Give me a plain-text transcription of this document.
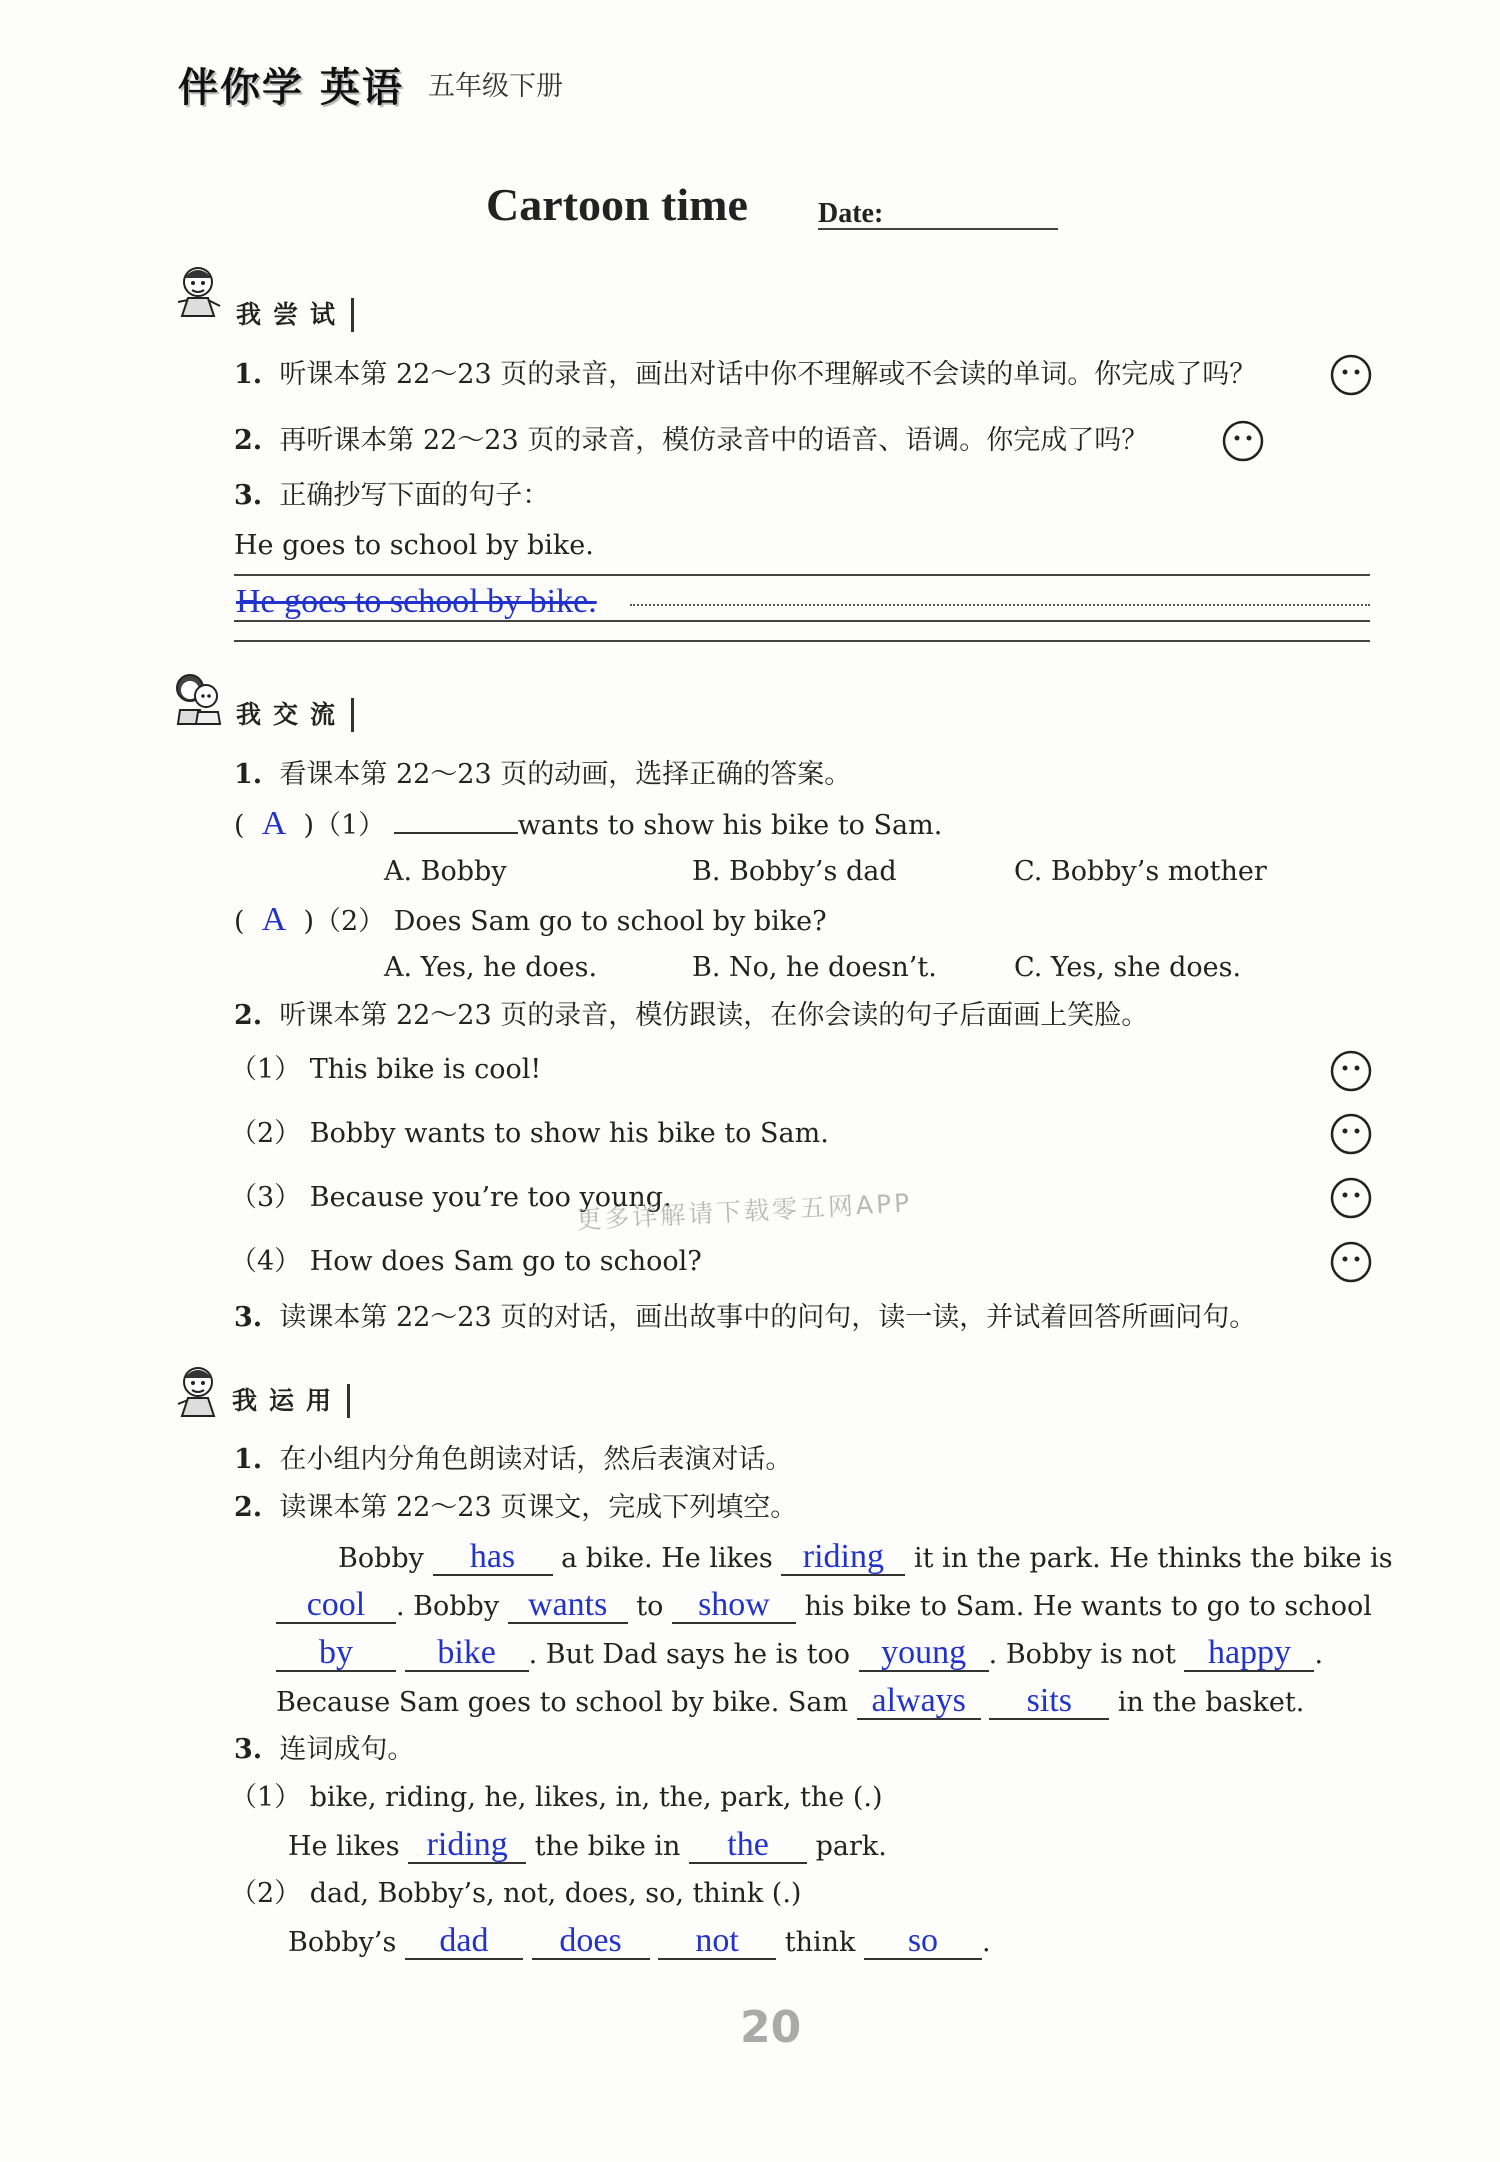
伴你学 英语 五年级下册
Cartoon time	Date:
我尝试
1. 听课本第 22～23 页的录音，画出对话中你不理解或不会读的单词。你完成了吗？
2. 再听课本第 22～23 页的录音，模仿录音中的语音、语调。你完成了吗？
3. 正确抄写下面的句子：
He goes to school by bike.
He goes to school by bike.
我交流
1. 看课本第 22～23 页的动画，选择正确的答案。
(  A )（1）	wants to show his bike to Sam.
A. Bobby	B. Bobby’s dad	C. Bobby’s mother
(  A )（2） Does Sam go to school by bike?
A. Yes, he does.	B. No, he doesn’t.	C. Yes, she does.
2. 听课本第 22～23 页的录音，模仿跟读，在你会读的句子后面画上笑脸。
（1） This bike is cool!
（2） Bobby wants to show his bike to Sam.
（3） Because you’re too young.
（4） How does Sam go to school?
更多详解请下载零五网APP
3. 读课本第 22～23 页的对话，画出故事中的问句，读一读，并试着回答所画问句。
我运用
1. 在小组内分角色朗读对话，然后表演对话。
2. 读课本第 22～23 页课文，完成下列填空。
Bobby has a bike. He likes riding it in the park. He thinks the bike is
cool . Bobby wants to show his bike to Sam. He wants to go to school
by bike . But Dad says he is too young . Bobby is not happy .
Because Sam goes to school by bike. Sam always sits in the basket.
3. 连词成句。
（1） bike, riding, he, likes, in, the, park, the (.)
He likes riding the bike in the park.
（2） dad, Bobby’s, not, does, so, think (.)
Bobby’s dad does not think so .
20
